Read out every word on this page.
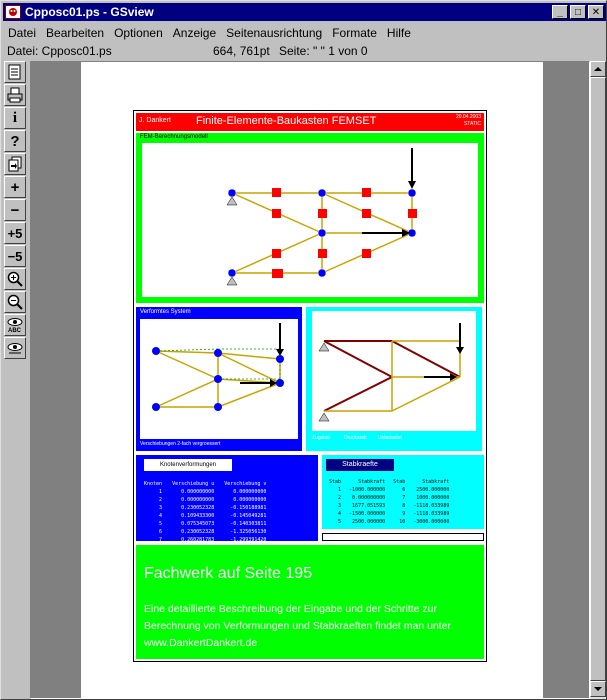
Cpposc01.ps - GSview	_ □ ✕
Datei Bearbeiten Optionen Anzeige Seitenausrichtung Formate Hilfe
Datei: Cpposc01.ps	664, 761pt Seite: " " 1 von 0
i
?
+
−
+5
−5
ABC
J. Dankert Finite-Elemente-Baukasten FEMSET	20.04.2003
STATIC
FEM-Berechnungsmodell
Verformtes System
Verschiebungen 2-fach vergroessert
Zugstab	Druckstab Unbelastet
Knotenverformungen
Knoten	Verschiebung u	Verschiebung v
1	0.000000000	0.000000000
2	0.000000000	0.000000000
3	0.230052328	-0.150188981
4	0.109433300	-0.145049281
5	0.075345073	-0.140303811
6	0.230052328	-1.325056130
7	0.260281783	-1.299391420
Stabkraefte
Stab	Stabkraft	Stab	Stabkraft
1	-1000.000000	6	2500.000000
2	0.000000000	7	1000.000000
3	1677.051593	8	-1118.033989
4	-1500.000000	9	-1118.033989
5	2500.000000	10	-3000.000000
Fachwerk auf Seite 195
Eine detaillierte Beschreibung der Eingabe und der Schritte zur Berechnung von Verformungen und Stabkraeften findet man unter www.DankertDankert.de
